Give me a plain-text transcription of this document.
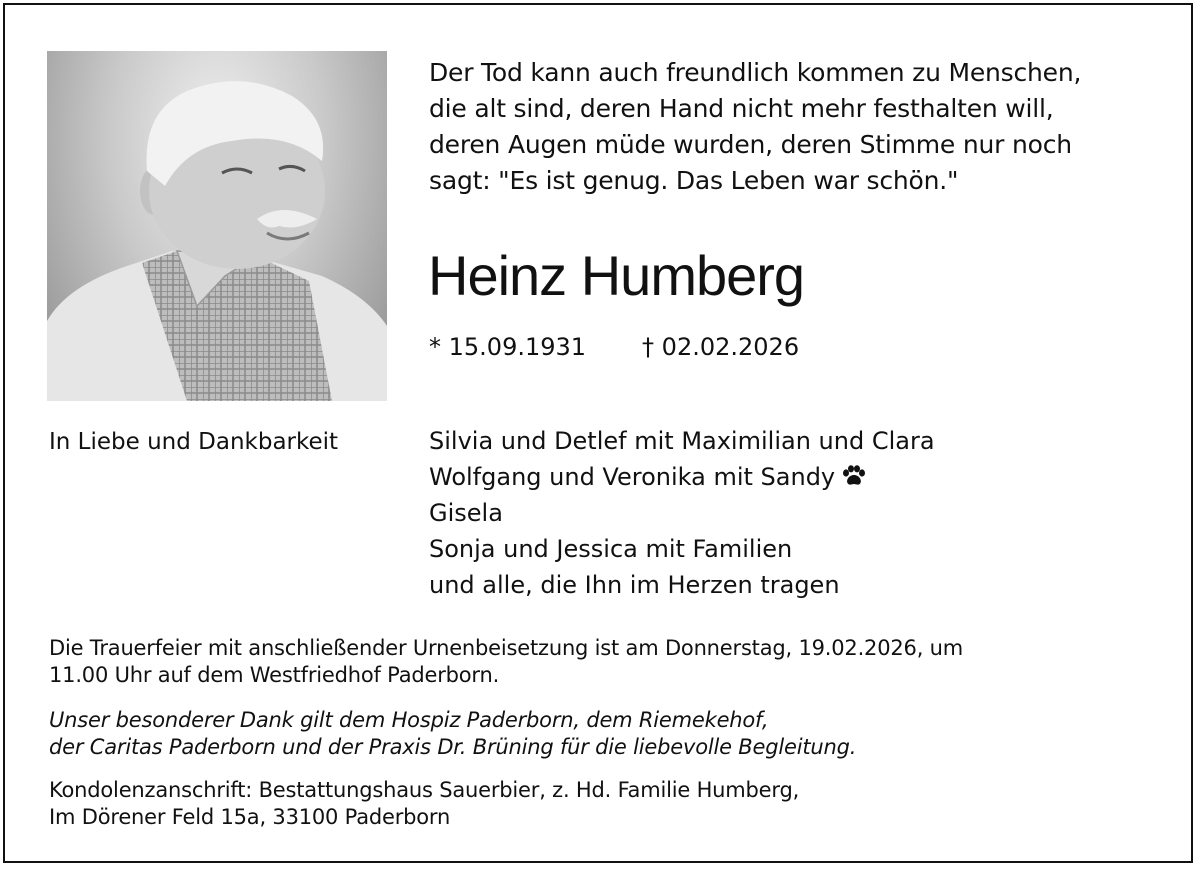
Der Tod kann auch freundlich kommen zu Menschen,
die alt sind, deren Hand nicht mehr festhalten will,
deren Augen müde wurden, deren Stimme nur noch
sagt: "Es ist genug. Das Leben war schön."
Heinz Humberg
* 15.09.1931 † 02.02.2026
In Liebe und Dankbarkeit	Silvia und Detlef mit Maximilian und Clara
Wolfgang und Veronika mit Sandy
Gisela
Sonja und Jessica mit Familien
und alle, die Ihn im Herzen tragen
Die Trauerfeier mit anschließender Urnenbeisetzung ist am Donnerstag, 19.02.2026, um
11.00 Uhr auf dem Westfriedhof Paderborn.
Unser besonderer Dank gilt dem Hospiz Paderborn, dem Riemekehof,
der Caritas Paderborn und der Praxis Dr. Brüning für die liebevolle Begleitung.
Kondolenzanschrift: Bestattungshaus Sauerbier, z. Hd. Familie Humberg,
Im Dörener Feld 15a, 33100 Paderborn
